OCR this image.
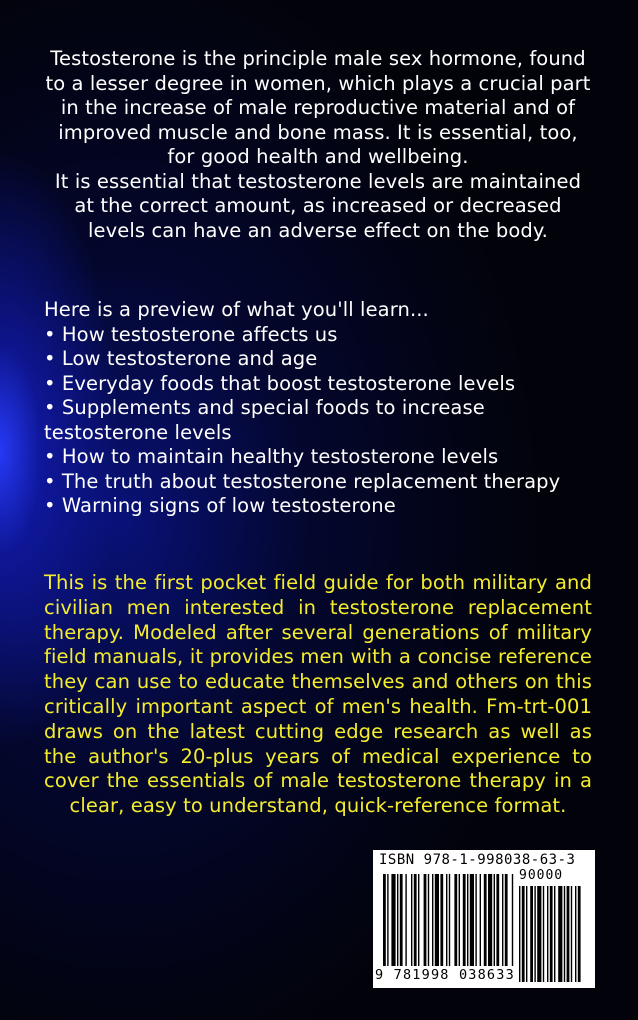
Testosterone is the principle male sex hormone, found to a lesser degree in women, which plays a crucial part in the increase of male reproductive material and of improved muscle and bone mass. It is essential, too, for good health and wellbeing.

It is essential that testosterone levels are maintained at the correct amount, as increased or decreased levels can have an adverse effect on the body.

Here is a preview of what you'll learn...

• How testosterone affects us
• Low testosterone and age
• Everyday foods that boost testosterone levels
• Supplements and special foods to increase testosterone levels
• How to maintain healthy testosterone levels
• The truth about testosterone replacement therapy
• Warning signs of low testosterone

This is the first pocket field guide for both military and civilian men interested in testosterone replacement therapy. Modeled after several generations of military field manuals, it provides men with a concise reference they can use to educate themselves and others on this critically important aspect of men's health. Fm-trt-001 draws on the latest cutting edge research as well as the author's 20-plus years of medical experience to cover the essentials of male testosterone therapy in a clear, easy to understand, quick-reference format.

ISBN 978-1-998038-63-3
90000
9 781998 038633
